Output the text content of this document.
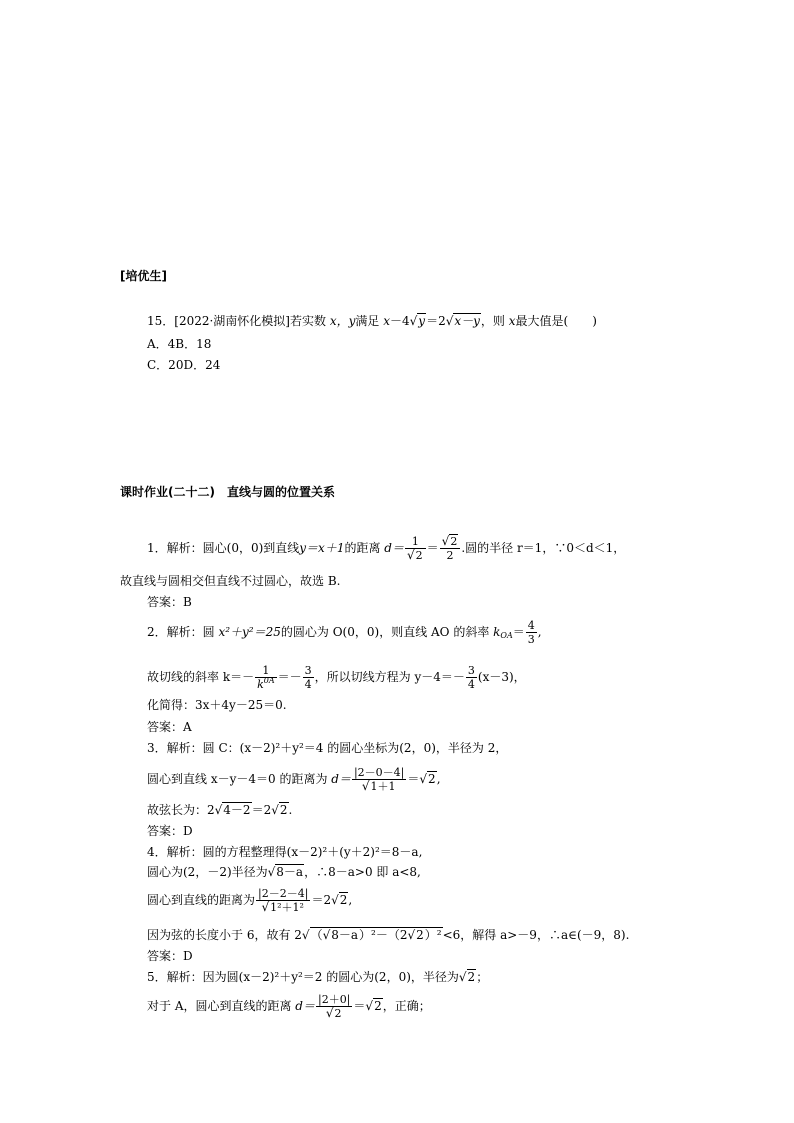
[培优生]
15．[2022·湖南怀化模拟]若实数 x，y满足 x－4√y＝2√x－y，则 x最大值是(　　)
A．4B．18
C．20D．24
课时作业(二十二)　直线与圆的位置关系
1．解析：圆心(0，0)到直线y＝x＋1的距离 $d= \frac{1}{√2} = \frac{√2}{2}$ .圆的半径 r＝1，∵0＜d＜1，
故直线与圆相交但直线不过圆心，故选 B.
答案：B
2．解析：圆 x²＋y²＝25的圆心为 O(0，0)，则直线 AO 的斜率 $k_{OA}= \frac{4}{3}$ ,
故切线的斜率 $k=- \frac{1}{k^{0A}} =- \frac{3}{4}$ ，所以切线方程为 $y-4=- \frac{3}{4} (x-3)$，
化简得：3x＋4y－25＝0.
答案：A
3．解析：圆 C：(x－2)²＋y²＝4 的圆心坐标为(2，0)，半径为 2，
圆心到直线 x－y－4＝0 的距离为 $d= \frac{|2-0-4|}{√1+1} =√2$,
故弦长为：2√4－2＝2√2.
答案：D
4．解析：圆的方程整理得(x－2)²＋(y＋2)²＝8－a,
圆心为(2，－2)半径为√8－a，∴8－a>0 即 a<8,
圆心到直线的距离为 $\frac{|2-2-4|}{\text{√1²＋1²}} =2√2$,
因为弦的长度小于 6，故有 2√（√8－a）²－（2√2）²<6，解得 a>－9，∴a∈(－9，8).
答案：D
5．解析：因为圆(x－2)²＋y²＝2 的圆心为(2，0)，半径为√2；
对于 A，圆心到直线的距离 $d= \frac{|2+0|}{√2} =√2$，正确；
